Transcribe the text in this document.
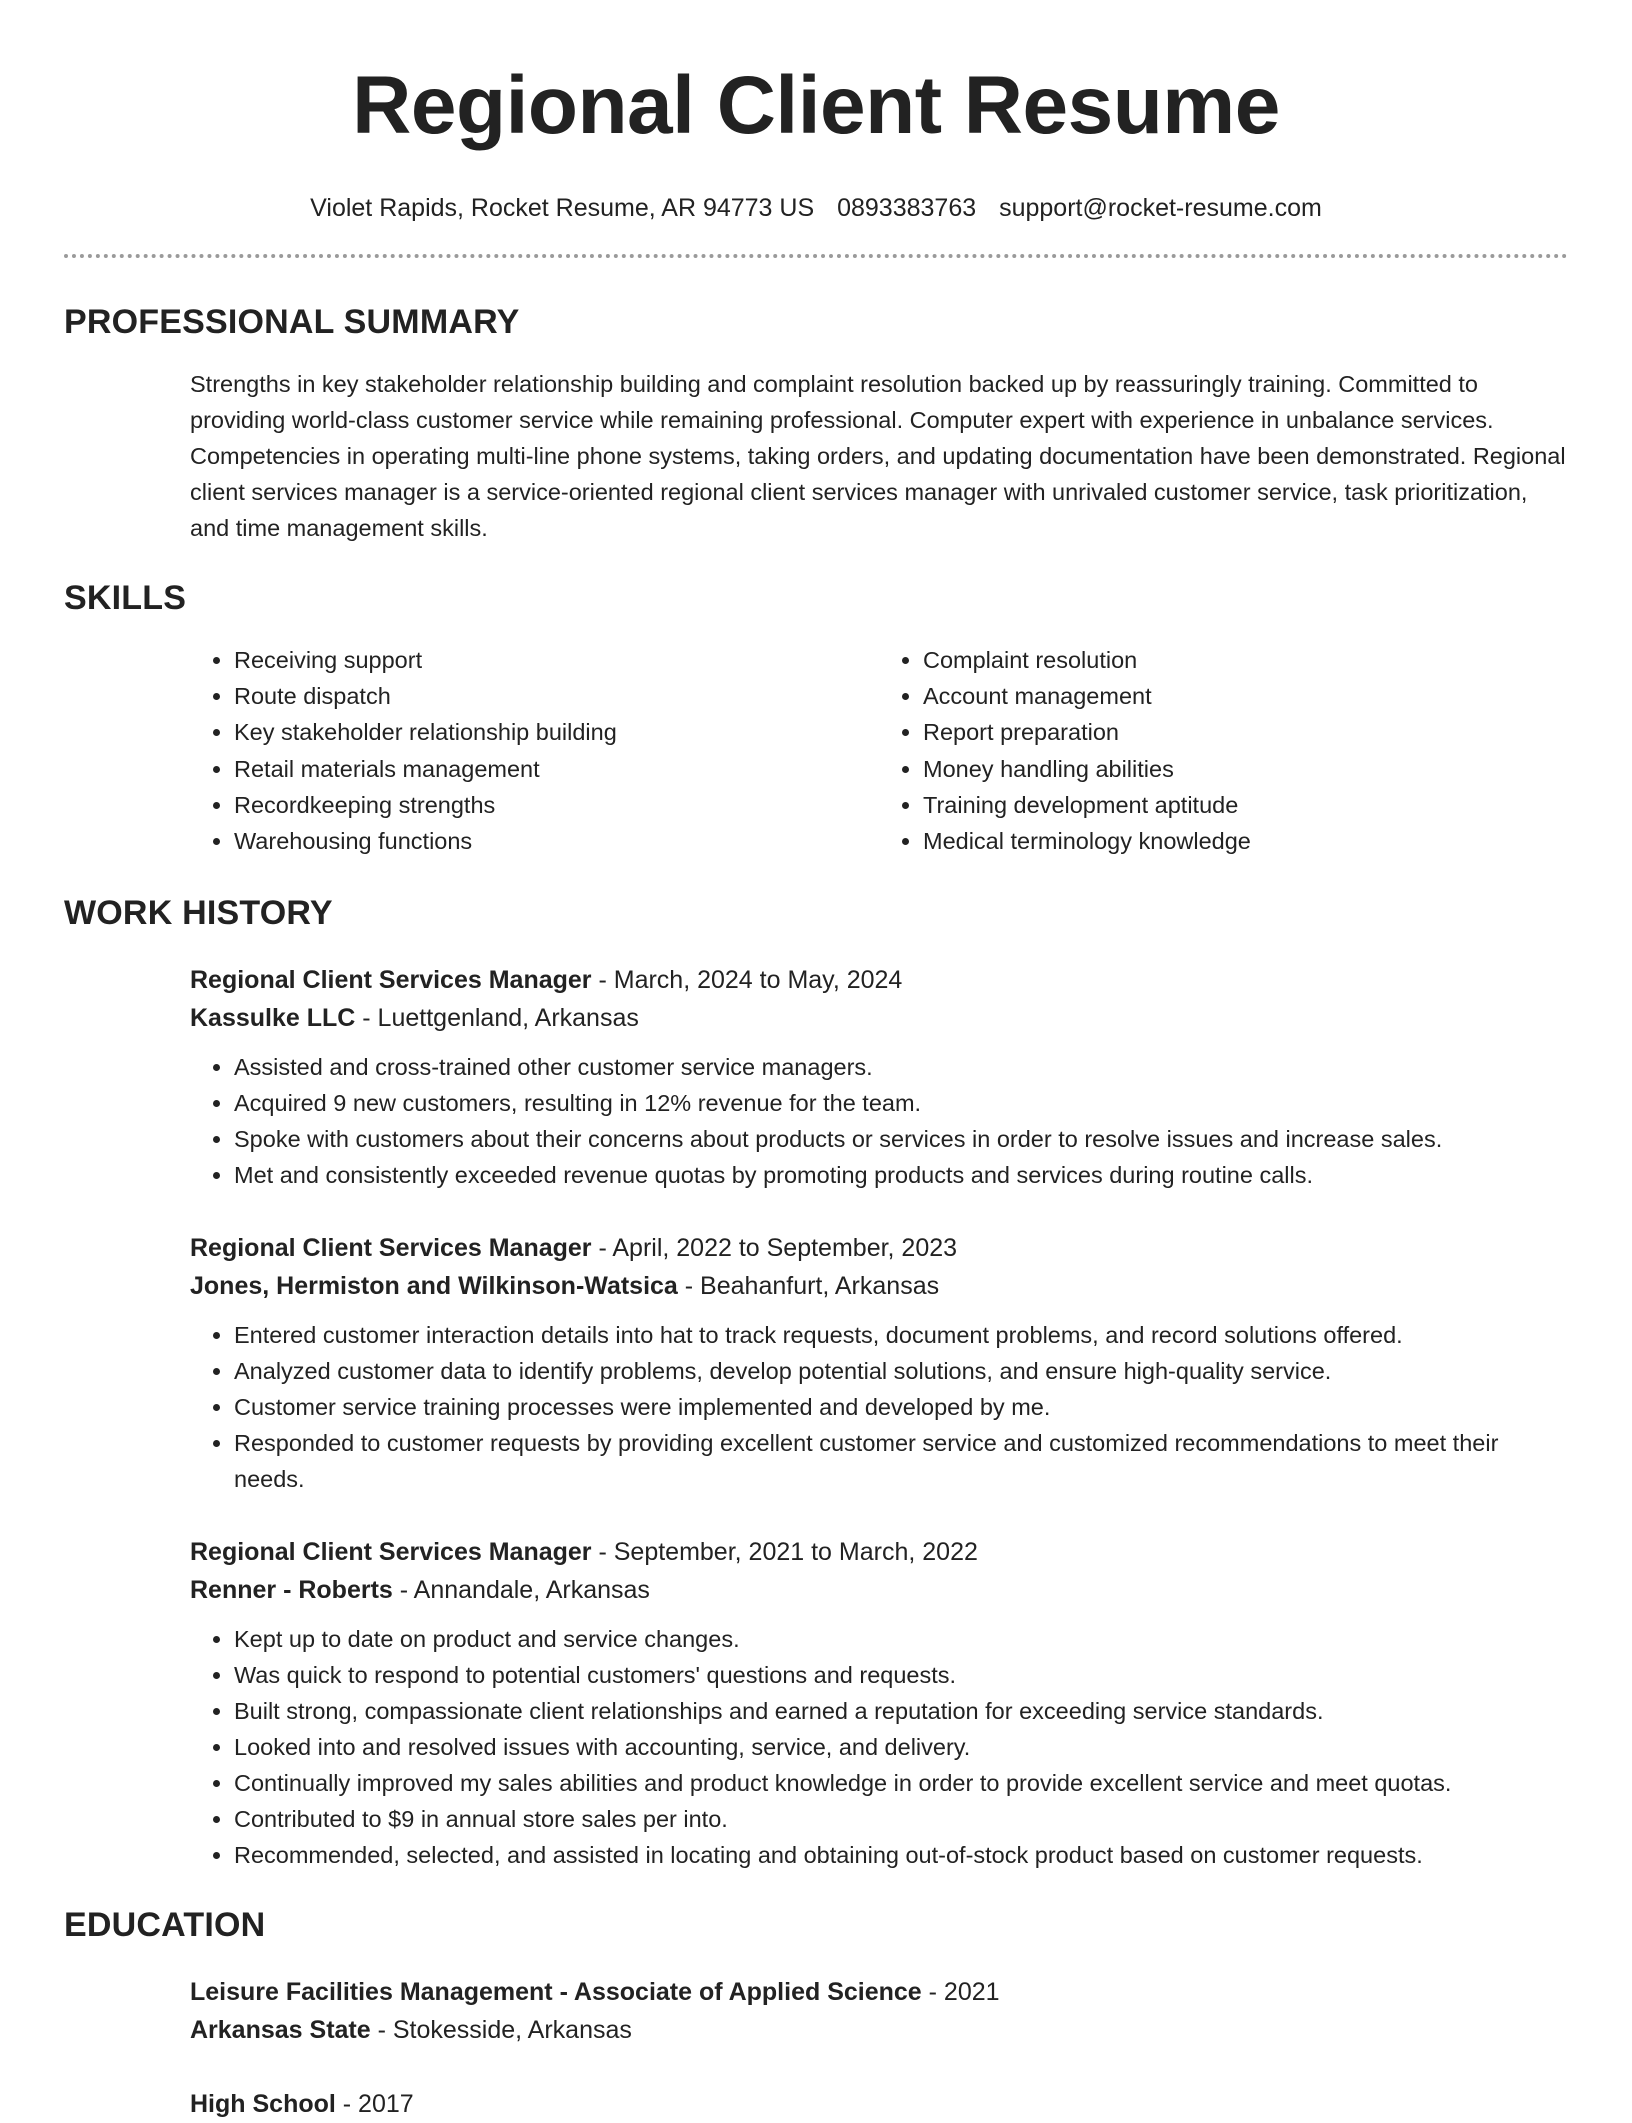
Regional Client Resume
Violet Rapids, Rocket Resume, AR 94773 US 0893383763 support@rocket-resume.com
PROFESSIONAL SUMMARY
Strengths in key stakeholder relationship building and complaint resolution backed up by reassuringly training. Committed to providing world-class customer service while remaining professional. Computer expert with experience in unbalance services. Competencies in operating multi-line phone systems, taking orders, and updating documentation have been demonstrated. Regional client services manager is a service-oriented regional client services manager with unrivaled customer service, task prioritization, and time management skills.
SKILLS
• Receiving support
• Route dispatch
• Key stakeholder relationship building
• Retail materials management
• Recordkeeping strengths
• Warehousing functions
• Complaint resolution
• Account management
• Report preparation
• Money handling abilities
• Training development aptitude
• Medical terminology knowledge
WORK HISTORY
Regional Client Services Manager - March, 2024 to May, 2024
Kassulke LLC - Luettgenland, Arkansas
• Assisted and cross-trained other customer service managers.
• Acquired 9 new customers, resulting in 12% revenue for the team.
• Spoke with customers about their concerns about products or services in order to resolve issues and increase sales.
• Met and consistently exceeded revenue quotas by promoting products and services during routine calls.
Regional Client Services Manager - April, 2022 to September, 2023
Jones, Hermiston and Wilkinson-Watsica - Beahanfurt, Arkansas
• Entered customer interaction details into hat to track requests, document problems, and record solutions offered.
• Analyzed customer data to identify problems, develop potential solutions, and ensure high-quality service.
• Customer service training processes were implemented and developed by me.
• Responded to customer requests by providing excellent customer service and customized recommendations to meet their needs.
Regional Client Services Manager - September, 2021 to March, 2022
Renner - Roberts - Annandale, Arkansas
• Kept up to date on product and service changes.
• Was quick to respond to potential customers' questions and requests.
• Built strong, compassionate client relationships and earned a reputation for exceeding service standards.
• Looked into and resolved issues with accounting, service, and delivery.
• Continually improved my sales abilities and product knowledge in order to provide excellent service and meet quotas.
• Contributed to $9 in annual store sales per into.
• Recommended, selected, and assisted in locating and obtaining out-of-stock product based on customer requests.
EDUCATION
Leisure Facilities Management - Associate of Applied Science - 2021
Arkansas State - Stokesside, Arkansas
High School - 2017
